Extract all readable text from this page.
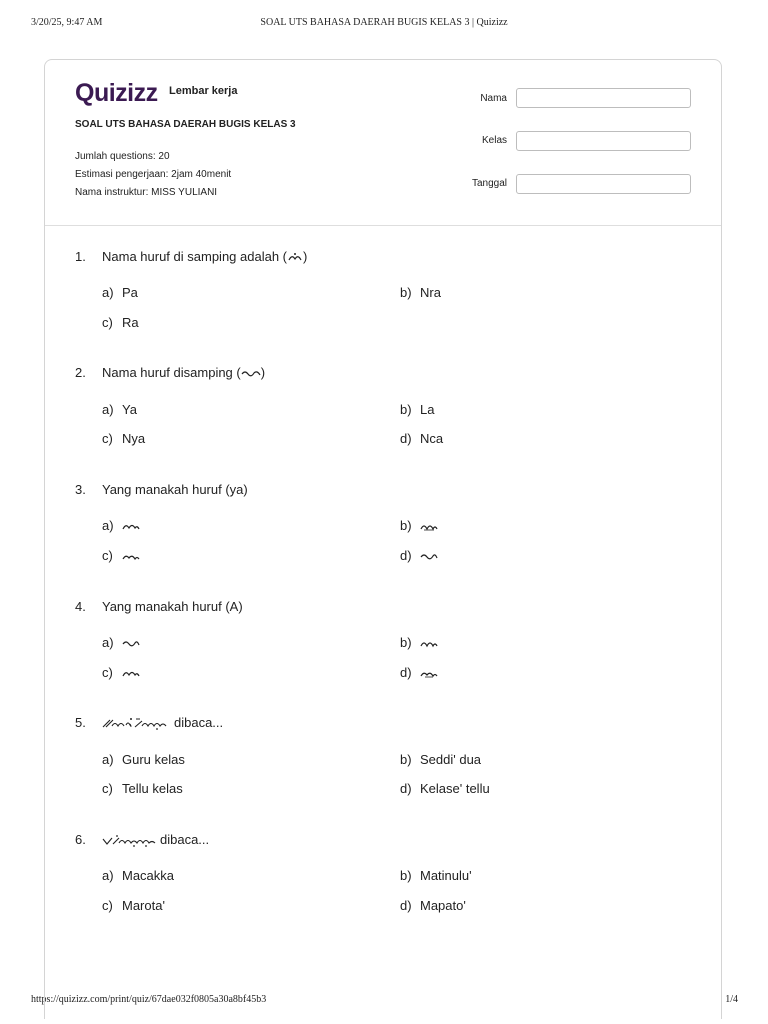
3/20/25, 9:47 AM	SOAL UTS BAHASA DAERAH BUGIS KELAS 3 | Quizizz
https://quizizz.com/print/quiz/67dae032f0805a30a8bf45b3	1/4
Quizizz Lembar kerja
SOAL UTS BAHASA DAERAH BUGIS KELAS 3
Jumlah questions: 20
Estimasi pengerjaan: 2jam 40menit
Nama instruktur: MISS YULIANI
Nama
Kelas
Tanggal
1. Nama huruf di samping adalah ( )
a) Pa	b) Nra
c) Ra
2. Nama huruf disamping ( )
a) Ya	b) La
c) Nya	d) Nca
3. Yang manakah huruf (ya)
a)	b)
c)	d)
4. Yang manakah huruf (A)
a)	b)
c)	d)
5.	dibaca...
a) Guru kelas	b) Seddi' dua
c) Tellu kelas	d) Kelase' tellu
6.	dibaca...
a) Macakka	b) Matinulu'
c) Marota'	d) Mapato'
